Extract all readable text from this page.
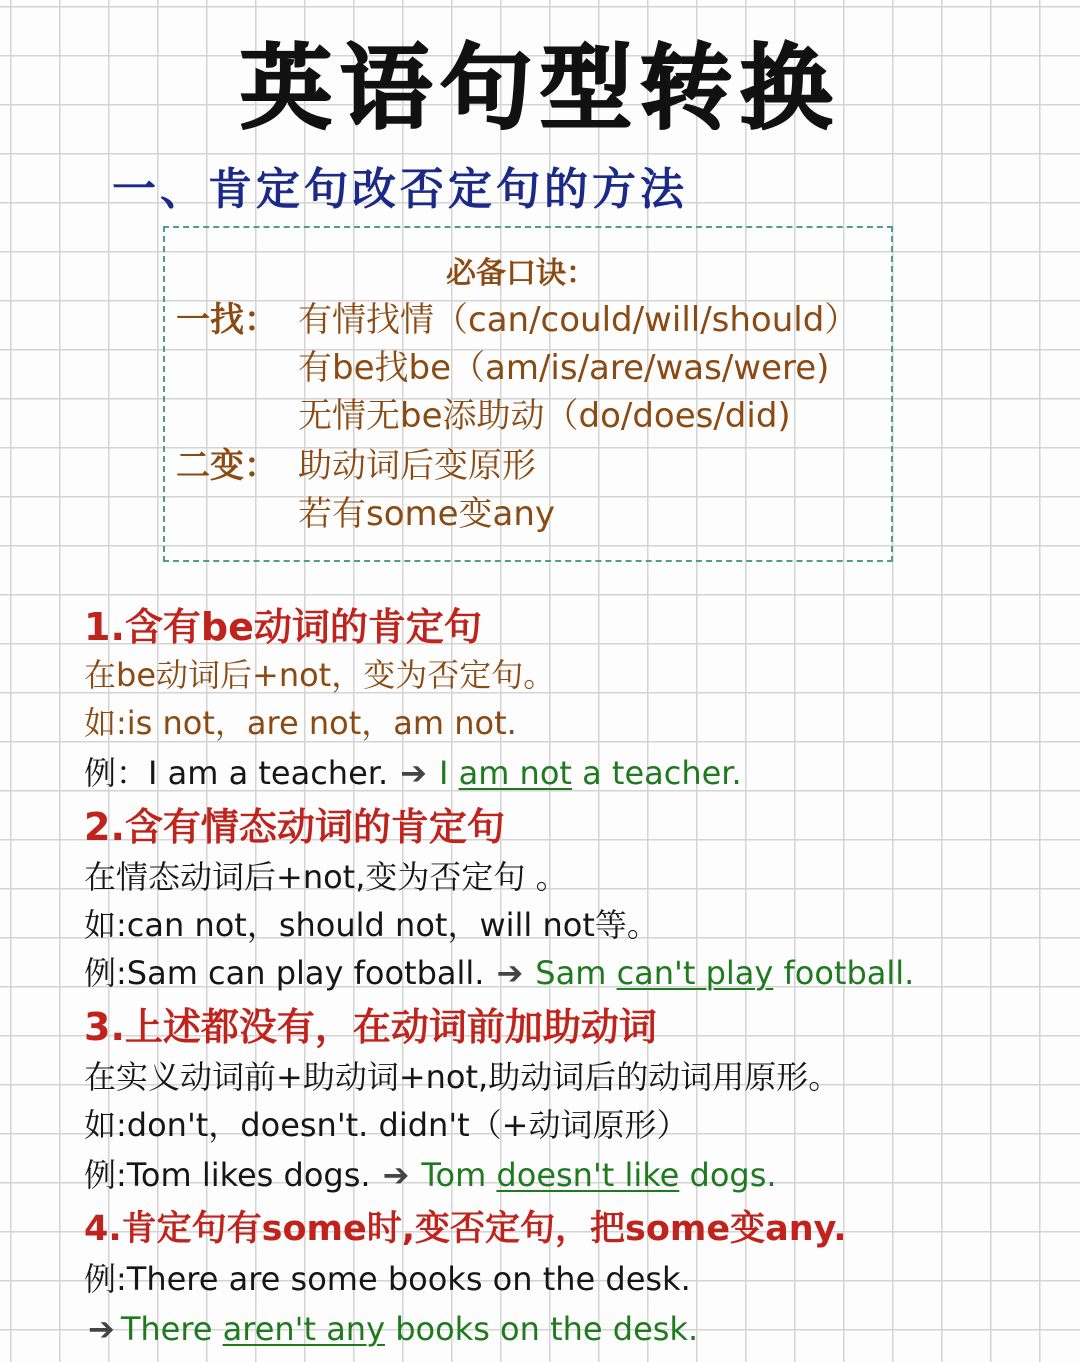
英语句型转换
一、肯定句改否定句的方法
必备口诀：
一找： 有情找情（can/could/will/should）
有be找be（am/is/are/was/were)
无情无be添助动（do/does/did)
二变： 助动词后变原形
若有some变any
1.含有be动词的肯定句
在be动词后+not，变为否定句。
如:is not，are not，am not.
例：I am a teacher. ➔ I am not a teacher.
2.含有情态动词的肯定句
在情态动词后+not,变为否定句 。
如:can not，should not，will not等。
例:Sam can play football. ➔ Sam can't play football.
3.上述都没有，在动词前加助动词
在实义动词前+助动词+not,助动词后的动词用原形。
如:don't，doesn't. didn't（+动词原形）
例:Tom likes dogs. ➔ Tom doesn't like dogs.
4.肯定句有some时,变否定句，把some变any.
例:There are some books on the desk.
➔ There aren't any books on the desk.
